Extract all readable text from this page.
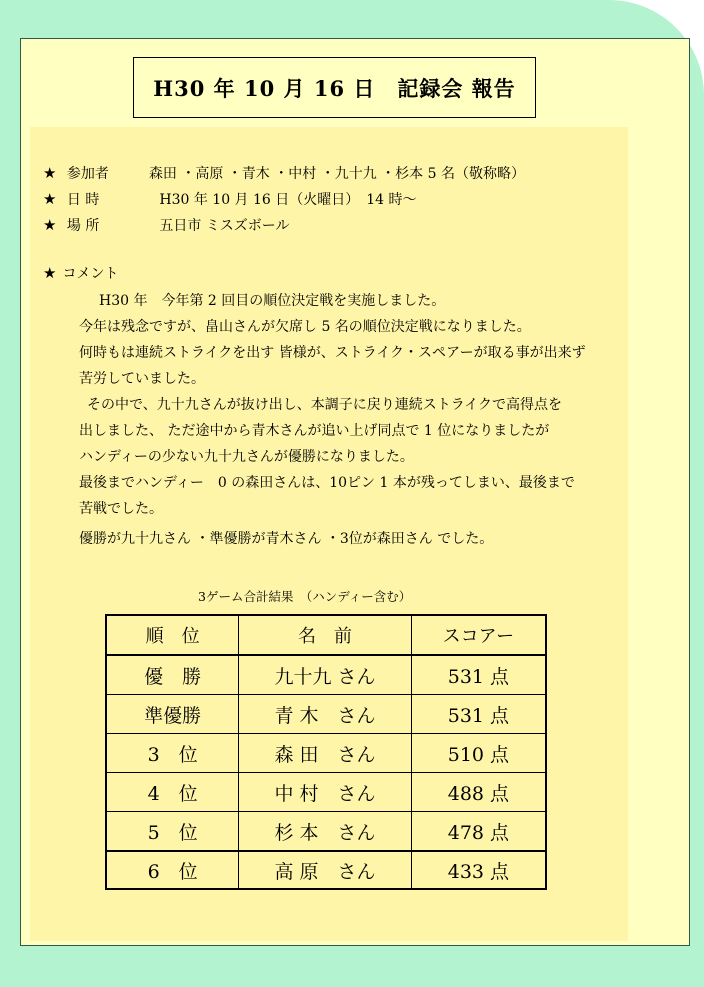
H30 年 10 月 16 日　記録会 報告
★ 参加者	森田 ・高原 ・青木 ・中村 ・九十九 ・杉本 5 名（敬称略）
★ 日 時	H30 年 10 月 16 日（火曜日）　14 時〜
★ 場 所	五日市 ミスズボール
★ コメント
H30 年　今年第 2 回目の順位決定戦を実施しました。
今年は残念ですが、畠山さんが欠席し 5 名の順位決定戦になりました。
何時もは連続ストライクを出す 皆様が、ストライク・スペアーが取る事が出来ず
苦労していました。
その中で、九十九さんが抜け出し、本調子に戻り連続ストライクで高得点を
出しました、 ただ途中から青木さんが追い上げ同点で 1 位になりましたが
ハンディーの少ない九十九さんが優勝になりました。
最後までハンディー　0 の森田さんは、10ピン 1 本が残ってしまい、最後まで
苦戦でした。
優勝が九十九さん ・準優勝が青木さん ・3位が森田さん でした。
3ゲーム合計結果　（ハンディー含む）
順　位	名　前	スコアー
優　勝	九十九 さん	531 点
準優勝	青 木　さん	531 点
3　位	森 田　さん	510 点
4　位	中 村　さん	488 点
5　位	杉 本　さん	478 点
6　位	高 原　さん	433 点
